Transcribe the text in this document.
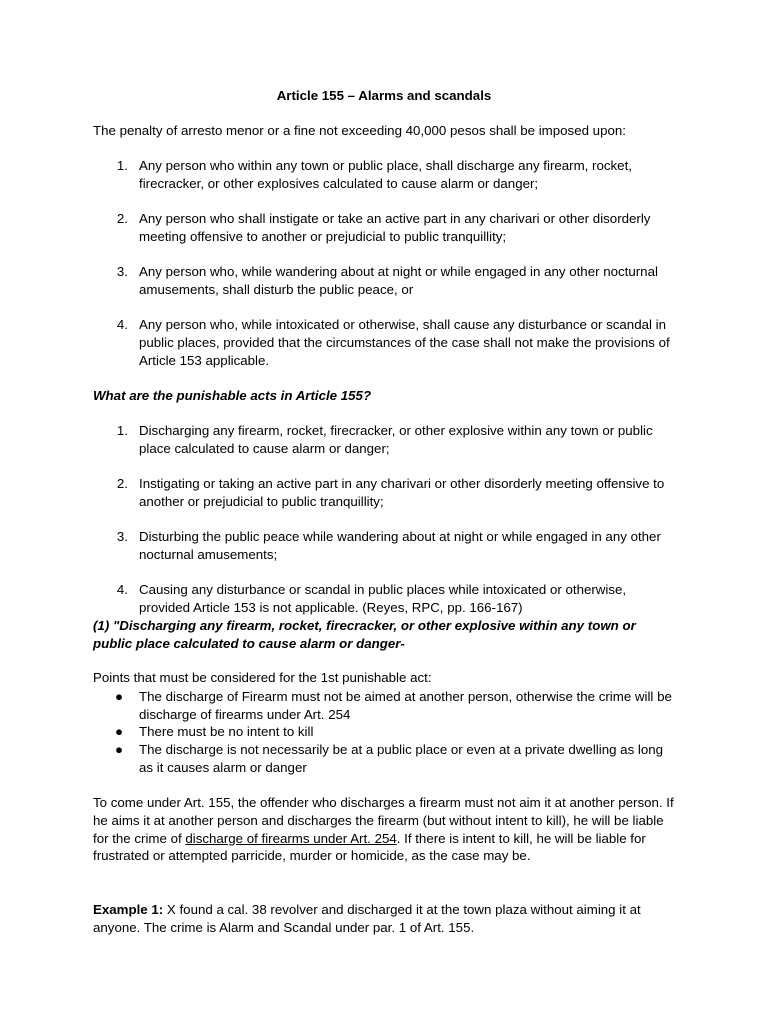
Article 155 – Alarms and scandals

The penalty of arresto menor or a fine not exceeding 40,000 pesos shall be imposed upon:

1. Any person who within any town or public place, shall discharge any firearm, rocket, firecracker, or other explosives calculated to cause alarm or danger;
2. Any person who shall instigate or take an active part in any charivari or other disorderly meeting offensive to another or prejudicial to public tranquillity;
3. Any person who, while wandering about at night or while engaged in any other nocturnal amusements, shall disturb the public peace, or
4. Any person who, while intoxicated or otherwise, shall cause any disturbance or scandal in public places, provided that the circumstances of the case shall not make the provisions of Article 153 applicable.

What are the punishable acts in Article 155?

1. Discharging any firearm, rocket, firecracker, or other explosive within any town or public place calculated to cause alarm or danger;
2. Instigating or taking an active part in any charivari or other disorderly meeting offensive to another or prejudicial to public tranquillity;
3. Disturbing the public peace while wandering about at night or while engaged in any other nocturnal amusements;
4. Causing any disturbance or scandal in public places while intoxicated or otherwise, provided Article 153 is not applicable. (Reyes, RPC, pp. 166-167)

(1) "Discharging any firearm, rocket, firecracker, or other explosive within any town or public place calculated to cause alarm or danger-

Points that must be considered for the 1st punishable act:

● The discharge of Firearm must not be aimed at another person, otherwise the crime will be discharge of firearms under Art. 254
● There must be no intent to kill
● The discharge is not necessarily be at a public place or even at a private dwelling as long as it causes alarm or danger

To come under Art. 155, the offender who discharges a firearm must not aim it at another person. If he aims it at another person and discharges the firearm (but without intent to kill), he will be liable for the crime of discharge of firearms under Art. 254. If there is intent to kill, he will be liable for frustrated or attempted parricide, murder or homicide, as the case may be.

Example 1: X found a cal. 38 revolver and discharged it at the town plaza without aiming it at anyone. The crime is Alarm and Scandal under par. 1 of Art. 155.
